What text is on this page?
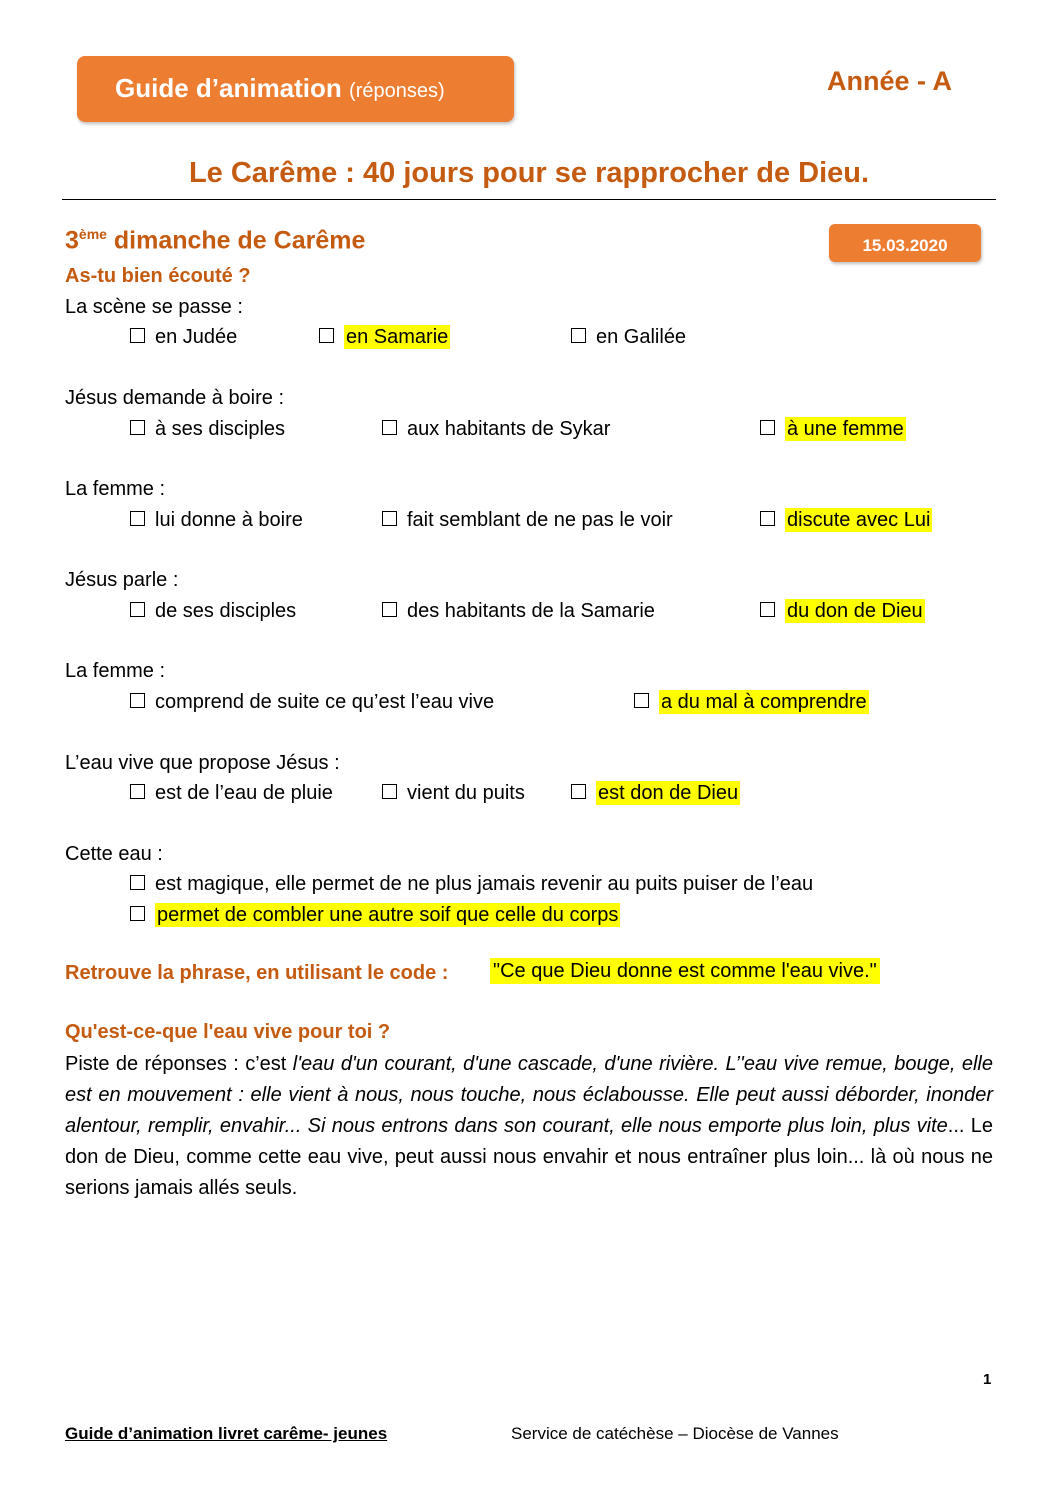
Guide d’animation (réponses)	Année - A
Le Carême : 40 jours pour se rapprocher de Dieu.
3ème dimanche de Carême	15.03.2020
As-tu bien écouté ?
La scène se passe :
en Judée	en Samarie	en Galilée
Jésus demande à boire :
à ses disciples	aux habitants de Sykar	à une femme
La femme :
lui donne à boire	fait semblant de ne pas le voir	discute avec Lui
Jésus parle :
de ses disciples	des habitants de la Samarie	du don de Dieu
La femme :
comprend de suite ce qu’est l’eau vive	a du mal à comprendre
L’eau vive que propose Jésus :
est de l’eau de pluie	vient du puits	est don de Dieu
Cette eau :
est magique, elle permet de ne plus jamais revenir au puits puiser de l’eau
permet de combler une autre soif que celle du corps
Retrouve la phrase, en utilisant le code : "Ce que Dieu donne est comme l'eau vive."
Qu'est-ce-que l'eau vive pour toi ?
Piste de réponses : c’est l'eau d'un courant, d'une cascade, d'une rivière. L’'eau vive remue, bouge, elle est en mouvement : elle vient à nous, nous touche, nous éclabousse. Elle peut aussi déborder, inonder alentour, remplir, envahir... Si nous entrons dans son courant, elle nous emporte plus loin, plus vite... Le don de Dieu, comme cette eau vive, peut aussi nous envahir et nous entraîner plus loin... là où nous ne serions jamais allés seuls.
1
Guide d’animation livret carême- jeunes	Service de catéchèse – Diocèse de Vannes
